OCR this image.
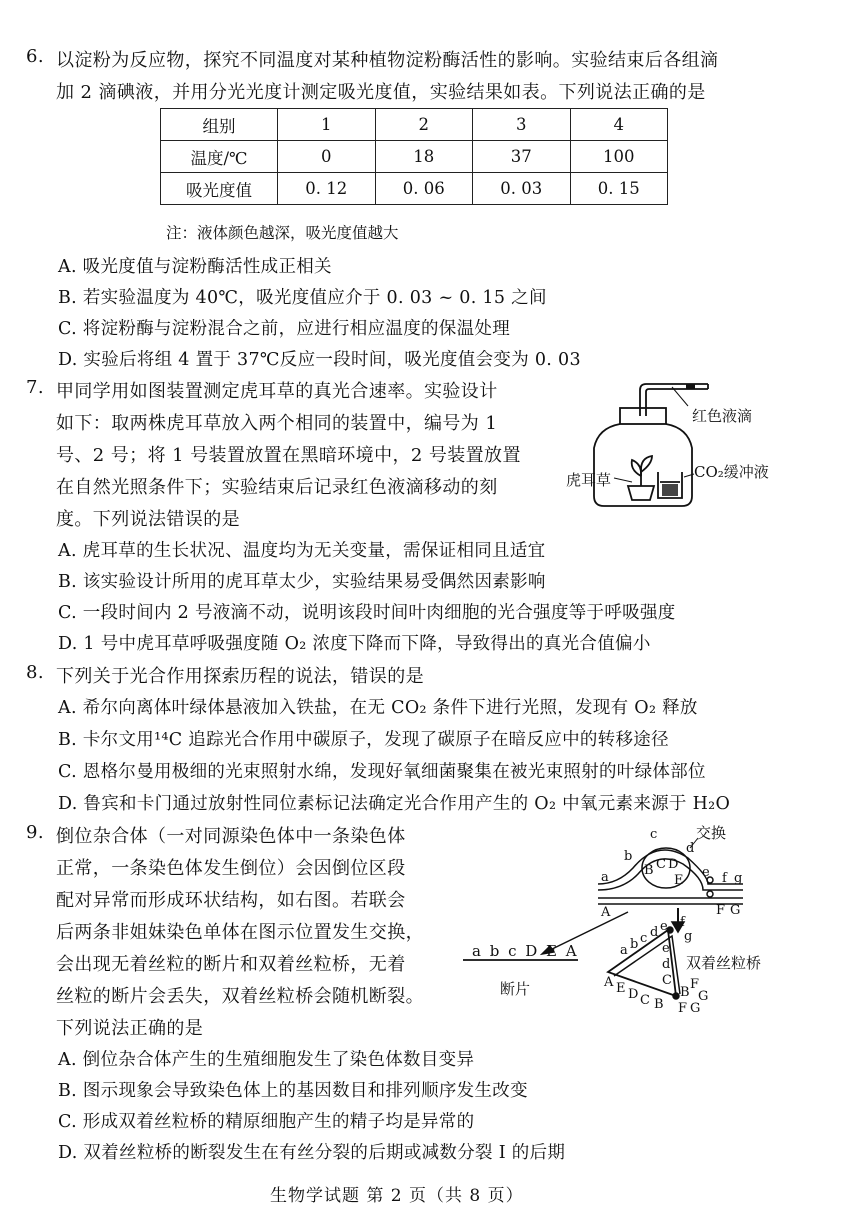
6. 以淀粉为反应物，探究不同温度对某种植物淀粉酶活性的影响。实验结束后各组滴
加 2 滴碘液，并用分光光度计测定吸光度值，实验结果如表。下列说法正确的是
组别	1	2	3	4
温度/℃	0	18	37	100
吸光度值	0. 12	0. 06	0. 03	0. 15
注：液体颜色越深，吸光度值越大
A. 吸光度值与淀粉酶活性成正相关
B. 若实验温度为 40℃，吸光度值应介于 0. 03 ~ 0. 15 之间
C. 将淀粉酶与淀粉混合之前，应进行相应温度的保温处理
D. 实验后将组 4 置于 37℃反应一段时间，吸光度值会变为 0. 03
7. 甲同学用如图装置测定虎耳草的真光合速率。实验设计
如下：取两株虎耳草放入两个相同的装置中，编号为 1
号、2 号；将 1 号装置放置在黑暗环境中，2 号装置放置
在自然光照条件下；实验结束后记录红色液滴移动的刻
度。下列说法错误的是
红色液滴
虎耳草	CO₂缓冲液
A. 虎耳草的生长状况、温度均为无关变量，需保证相同且适宜
B. 该实验设计所用的虎耳草太少，实验结果易受偶然因素影响
C. 一段时间内 2 号液滴不动，说明该段时间叶肉细胞的光合强度等于呼吸强度
D. 1 号中虎耳草呼吸强度随 O₂ 浓度下降而下降，导致得出的真光合值偏小
8. 下列关于光合作用探索历程的说法，错误的是
A. 希尔向离体叶绿体悬液加入铁盐，在无 CO₂ 条件下进行光照，发现有 O₂ 释放
B. 卡尔文用¹⁴C 追踪光合作用中碳原子，发现了碳原子在暗反应中的转移途径
C. 恩格尔曼用极细的光束照射水绵，发现好氧细菌聚集在被光束照射的叶绿体部位
D. 鲁宾和卡门通过放射性同位素标记法确定光合作用产生的 O₂ 中氧元素来源于 H₂O
9. 倒位杂合体（一对同源染色体中一条染色体
正常，一条染色体发生倒位）会因倒位区段
配对异常而形成环状结构，如右图。若联会
后两条非姐妹染色单体在图示位置发生交换，
会出现无着丝粒的断片和双着丝粒桥，无着
丝粒的断片会丢失，双着丝粒桥会随机断裂。
下列说法正确的是
a
b
c
d
B C D
E
e f g
A	F G
a b c d e f
g
e
d
C
A E D C B
B
F
G
F G
交换
双着丝粒桥
a b c D E A
断片
A. 倒位杂合体产生的生殖细胞发生了染色体数目变异
B. 图示现象会导致染色体上的基因数目和排列顺序发生改变
C. 形成双着丝粒桥的精原细胞产生的精子均是异常的
D. 双着丝粒桥的断裂发生在有丝分裂的后期或减数分裂 Ⅰ 的后期
生物学试题 第 2 页（共 8 页）
